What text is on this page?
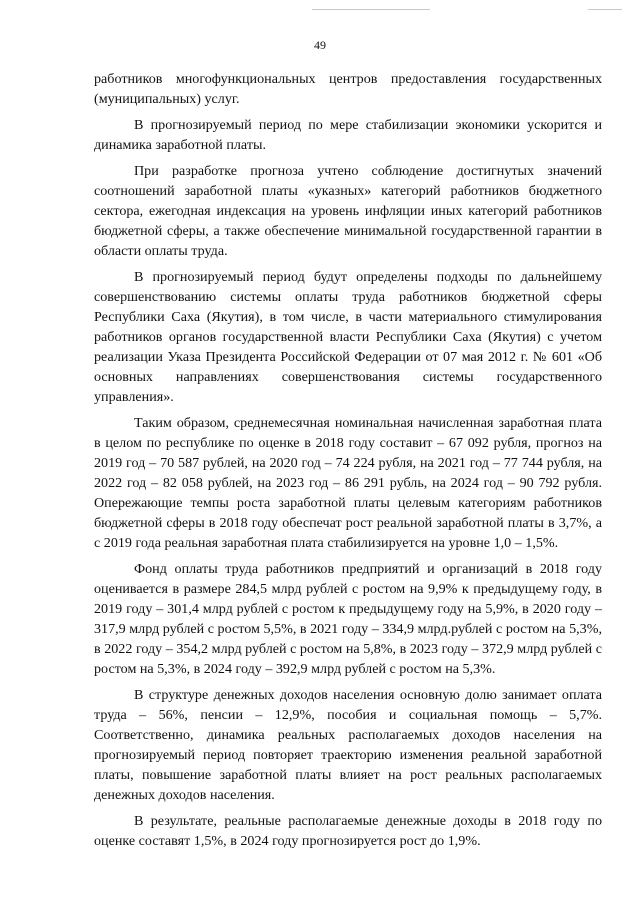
49

работников многофункциональных центров предоставления государственных (муниципальных) услуг.

В прогнозируемый период по мере стабилизации экономики ускорится и динамика заработной платы.

При разработке прогноза учтено соблюдение достигнутых значений соотношений заработной платы «указных» категорий работников бюджетного сектора, ежегодная индексация на уровень инфляции иных категорий работников бюджетной сферы, а также обеспечение минимальной государственной гарантии в области оплаты труда.

В прогнозируемый период будут определены подходы по дальнейшему совершенствованию системы оплаты труда работников бюджетной сферы Республики Саха (Якутия), в том числе, в части материального стимулирования работников органов государственной власти Республики Саха (Якутия) с учетом реализации Указа Президента Российской Федерации от 07 мая 2012 г. № 601 «Об основных направлениях совершенствования системы государственного управления».

Таким образом, среднемесячная номинальная начисленная заработная плата в целом по республике по оценке в 2018 году составит – 67 092 рубля, прогноз на 2019 год – 70 587 рублей, на 2020 год – 74 224 рубля, на 2021 год – 77 744 рубля, на 2022 год – 82 058 рублей, на 2023 год – 86 291 рубль, на 2024 год – 90 792 рубля. Опережающие темпы роста заработной платы целевым категориям работников бюджетной сферы в 2018 году обеспечат рост реальной заработной платы в 3,7%, а с 2019 года реальная заработная плата стабилизируется на уровне 1,0 – 1,5%.

Фонд оплаты труда работников предприятий и организаций в 2018 году оценивается в размере 284,5 млрд рублей с ростом на 9,9% к предыдущему году, в 2019 году – 301,4 млрд рублей с ростом к предыдущему году на 5,9%, в 2020 году – 317,9 млрд рублей с ростом 5,5%, в 2021 году – 334,9 млрд.рублей с ростом на 5,3%, в 2022 году – 354,2 млрд рублей с ростом на 5,8%, в 2023 году – 372,9 млрд рублей с ростом на 5,3%, в 2024 году – 392,9 млрд рублей с ростом на 5,3%.

В структуре денежных доходов населения основную долю занимает оплата труда – 56%, пенсии – 12,9%, пособия и социальная помощь – 5,7%. Соответственно, динамика реальных располагаемых доходов населения на прогнозируемый период повторяет траекторию изменения реальной заработной платы, повышение заработной платы влияет на рост реальных располагаемых денежных доходов населения.

В результате, реальные располагаемые денежные доходы в 2018 году по оценке составят 1,5%, в 2024 году прогнозируется рост до 1,9%.
